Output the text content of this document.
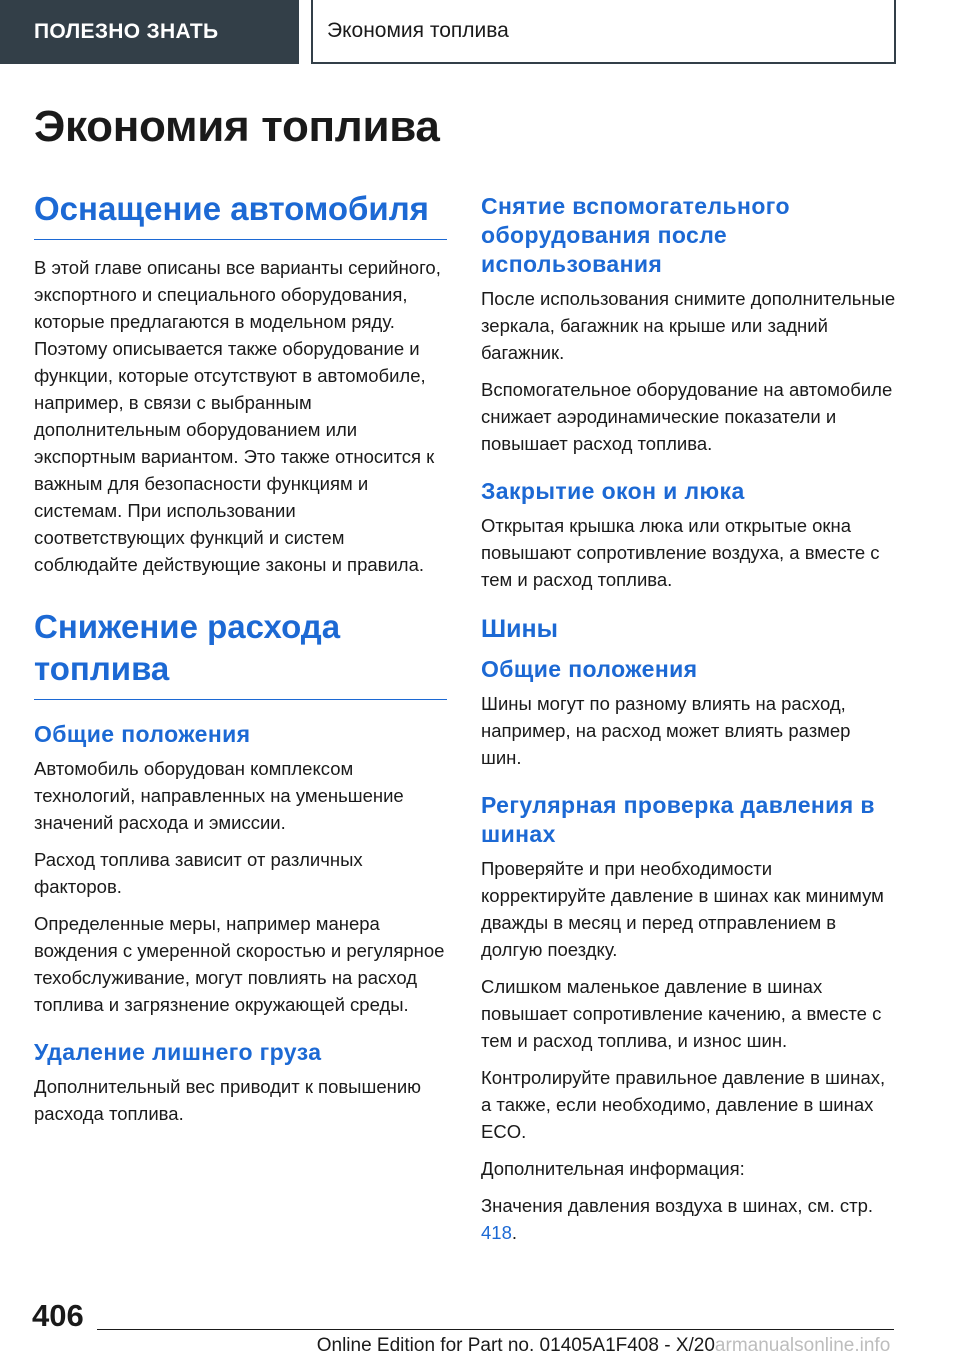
ПОЛЕЗНО ЗНАТЬ	Экономия топлива
Экономия топлива
Оснащение автомобиля

В этой главе описаны все варианты серийного, экспортного и специального оборудования, которые предлагаются в модельном ряду. Поэтому описывается также оборудование и функции, которые отсутствуют в автомобиле, например, в связи с выбранным дополнительным оборудованием или экспортным вариантом. Это также относится к важным для безопасности функциям и системам. При использовании соответствующих функций и систем соблюдайте действующие законы и правила.

Снижение расхода топлива
Общие положения

Автомобиль оборудован комплексом технологий, направленных на уменьшение значений расхода и эмиссии.

Расход топлива зависит от различных факторов.

Определенные меры, например манера вождения с умеренной скоростью и регулярное техобслуживание, могут повлиять на расход топлива и загрязнение окружающей среды.

Удаление лишнего груза

Дополнительный вес приводит к повышению расхода топлива.

Снятие вспомогательного оборудования после использования

После использования снимите дополнительные зеркала, багажник на крыше или задний багажник.

Вспомогательное оборудование на автомобиле снижает аэродинамические показатели и повышает расход топлива.

Закрытие окон и люка

Открытая крышка люка или открытые окна повышают сопротивление воздуха, а вместе с тем и расход топлива.

Шины
Общие положения

Шины могут по разному влиять на расход, например, на расход может влиять размер шин.

Регулярная проверка давления в шинах

Проверяйте и при необходимости корректируйте давление в шинах как минимум дважды в месяц и перед отправлением в долгую поездку.

Слишком маленькое давление в шинах повышает сопротивление качению, а вместе с тем и расход топлива, и износ шин.

Контролируйте правильное давление в шинах, а также, если необходимо, давление в шинах ECO.

Дополнительная информация:

Значения давления воздуха в шинах, см. стр. 418.

406
Online Edition for Part no. 01405A1F408 - X/20armanualsonline.info
